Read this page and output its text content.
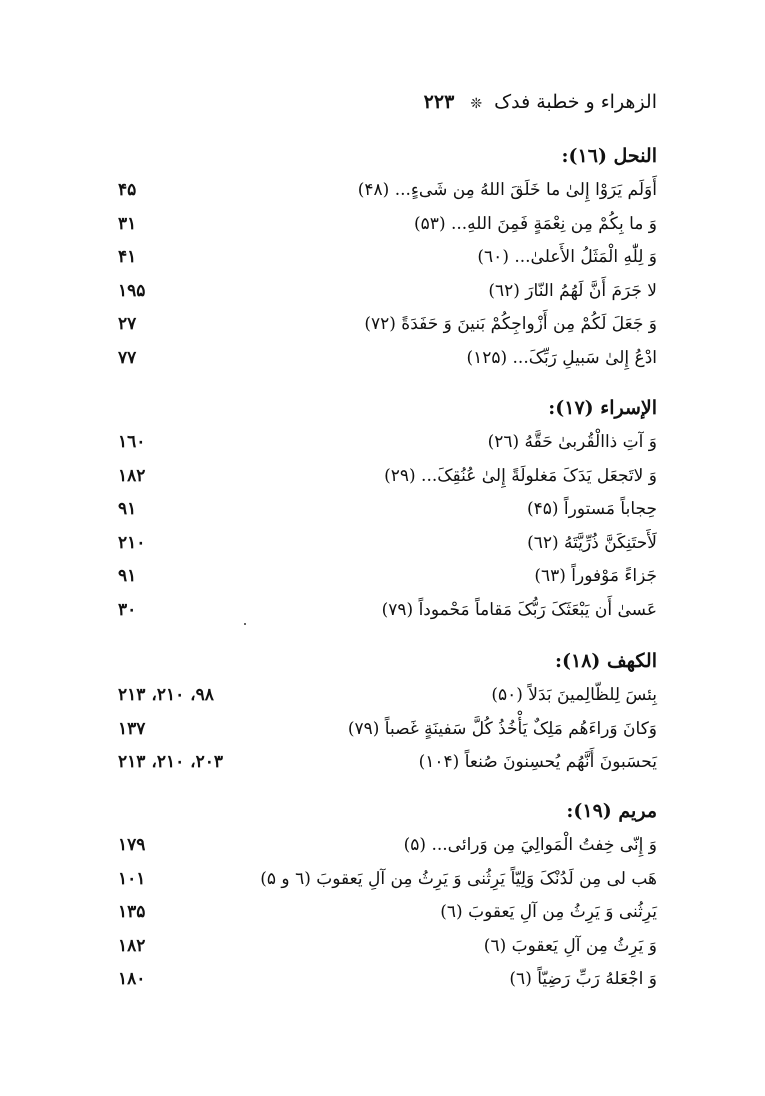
الزهراء و خطبة فدک ❊ ۲۲۳
النحل (۱٦):
أَوَلَم يَرَوْا إِلىٰ ما خَلَقَ اللهُ مِن شَىءٍ... (۴۸)
۴۵
وَ ما بِكُمْ مِن نِعْمَةٍ فَمِنَ اللهِ... (۵۳)
۳۱
وَ لِلّٰهِ الْمَثَلُ الأَعلىٰ... (٦۰)
۴۱
لا جَرَمَ أَنَّ لَهُمُ النّارَ (٦۲)
۱۹۵
وَ جَعَلَ لَكُمْ مِن أَزْواجِكُمْ بَنينَ وَ حَفَدَةً (۷۲)
۲۷
ادْعُ إِلىٰ سَبيلِ رَبِّکَ... (۱۲۵)
۷۷
الإسراء (۱۷):
وَ آتِ ذاالْقُربىٰ حَقَّهُ (۲٦)
۱٦۰
وَ لاتَجعَل يَدَکَ مَغلولَةً إِلىٰ عُنُقِکَ... (۲۹)
۱۸۲
حِجاباً مَستوراً (۴۵)
۹۱
لَأَحتَنِكَنَّ ذُرِّيَّتَهُ (٦۲)
۲۱۰
جَزاءً مَوْفوراً (٦۳)
۹۱
عَسىٰ أَن يَبْعَثَکَ رَبُّکَ مَقاماً مَحْموداً (۷۹)
۳۰
الكهف (۱۸):
بِئسَ لِلظّالِمينَ بَدَلاً (۵۰)
۹۸، ۲۱۰، ۲۱۳
وَكانَ وَراءَهُم مَلِکٌ يَأْخُذُ كُلَّ سَفينَةٍ غَصباً (۷۹)
۱۳۷
يَحسَبونَ أَنَّهُم يُحسِنونَ صُنعاً (۱۰۴)
۲۰۳، ۲۱۰، ۲۱۳
مريم (۱۹):
وَ إِنّى خِفتُ الْمَوالِيَ مِن وَرائى... (۵)
۱۷۹
هَب لى مِن لَدُنْکَ وَلِيّاً يَرِثُنى وَ يَرِثُ مِن آلِ يَعقوبَ (٦ و ۵)
۱۰۱
يَرِثُنى وَ يَرِثُ مِن آلِ يَعقوبَ (٦)
۱۳۵
وَ يَرِثُ مِن آلِ يَعقوبَ (٦)
۱۸۲
وَ اجْعَلهُ رَبِّ رَضِيّاً (٦)
۱۸۰
